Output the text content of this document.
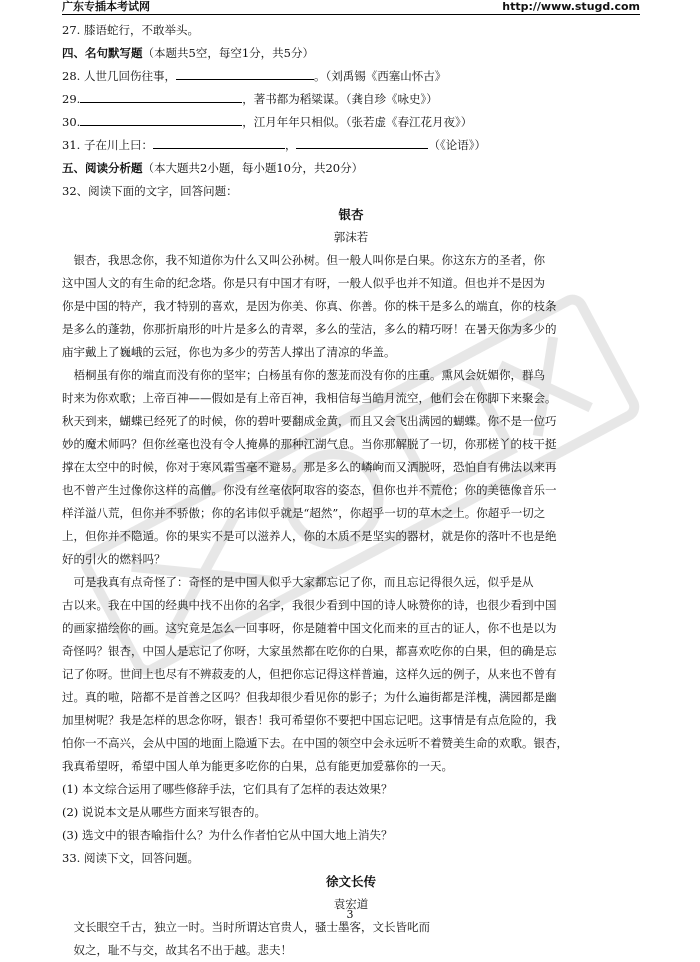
广东专插本考试网	http://www.stugd.com

27. 膝语蛇行，不敢举头。

四、名句默写题（本题共5空，每空1分，共5分）

28. 人世几回伤往事，	。（刘禹锡《西塞山怀古》

29.	，著书都为稻粱谋。（龚自珍《咏史》）

30.	，江月年年只相似。（张若虚《春江花月夜》）

31. 子在川上曰：	，	（《论语》）

五、阅读分析题（本大题共2小题，每小题10分，共20分）

32、阅读下面的文字，回答问题：

银杏

郭沫若

银杏，我思念你，我不知道你为什么又叫公孙树。但一般人叫你是白果。你这东方的圣者，你

这中国人文的有生命的纪念塔。你是只有中国才有呀，一般人似乎也并不知道。但也并不是因为

你是中国的特产，我才特别的喜欢，是因为你美、你真、你善。你的株干是多么的端直，你的枝条

是多么的蓬勃，你那折扇形的叶片是多么的青翠，多么的莹洁，多么的精巧呀！在暑天你为多少的

庙宇戴上了巍峨的云冠，你也为多少的劳苦人撑出了清凉的华盖。

梧桐虽有你的端直而没有你的坚牢；白杨虽有你的葱茏而没有你的庄重。熏风会妩媚你，群鸟

时来为你欢歌；上帝百神——假如是有上帝百神，我相信每当皓月流空，他们会在你脚下来聚会。

秋天到来，蝴蝶已经死了的时候，你的碧叶要翻成金黄，而且又会飞出满园的蝴蝶。你不是一位巧

妙的魔术师吗？但你丝毫也没有令人掩鼻的那种江湖气息。当你那解脱了一切，你那槎丫的枝干挺

撑在太空中的时候，你对于寒风霜雪毫不避易。那是多么的嶙峋而又洒脱呀，恐怕自有佛法以来再

也不曾产生过像你这样的高僧。你没有丝毫依阿取容的姿态，但你也并不荒伧；你的美德像音乐一

样洋溢八荒，但你并不骄傲；你的名讳似乎就是“超然”，你超乎一切的草木之上。你超乎一切之

上，但你并不隐遁。你的果实不是可以滋养人，你的木质不是坚实的器材，就是你的落叶不也是绝

好的引火的燃料吗？

可是我真有点奇怪了：奇怪的是中国人似乎大家都忘记了你，而且忘记得很久远，似乎是从

古以来。我在中国的经典中找不出你的名字，我很少看到中国的诗人咏赞你的诗，也很少看到中国

的画家描绘你的画。这究竟是怎么一回事呀，你是随着中国文化而来的亘古的证人，你不也是以为

奇怪吗？银杏，中国人是忘记了你呀，大家虽然都在吃你的白果，都喜欢吃你的白果，但的确是忘

记了你呀。世间上也尽有不辨菽麦的人，但把你忘记得这样普遍，这样久远的例子，从来也不曾有

过。真的啦，陪都不是首善之区吗？但我却很少看见你的影子；为什么遍街都是洋槐，满园都是幽

加里树呢？我是怎样的思念你呀，银杏！我可希望你不要把中国忘记吧。这事情是有点危险的，我

怕你一不高兴，会从中国的地面上隐遁下去。在中国的领空中会永远听不着赞美生命的欢歌。银杏，

我真希望呀，希望中国人单为能更多吃你的白果，总有能更加爱慕你的一天。

(1) 本文综合运用了哪些修辞手法，它们具有了怎样的表达效果？

(2) 说说本文是从哪些方面来写银杏的。

(3) 选文中的银杏喻指什么？为什么作者怕它从中国大地上消失？

33. 阅读下文，回答问题。

徐文长传

袁宏道

文长眼空千古，独立一时。当时所谓达官贵人，骚士墨客，文长皆叱而

奴之，耻不与交，故其名不出于越。悲夫！

3
